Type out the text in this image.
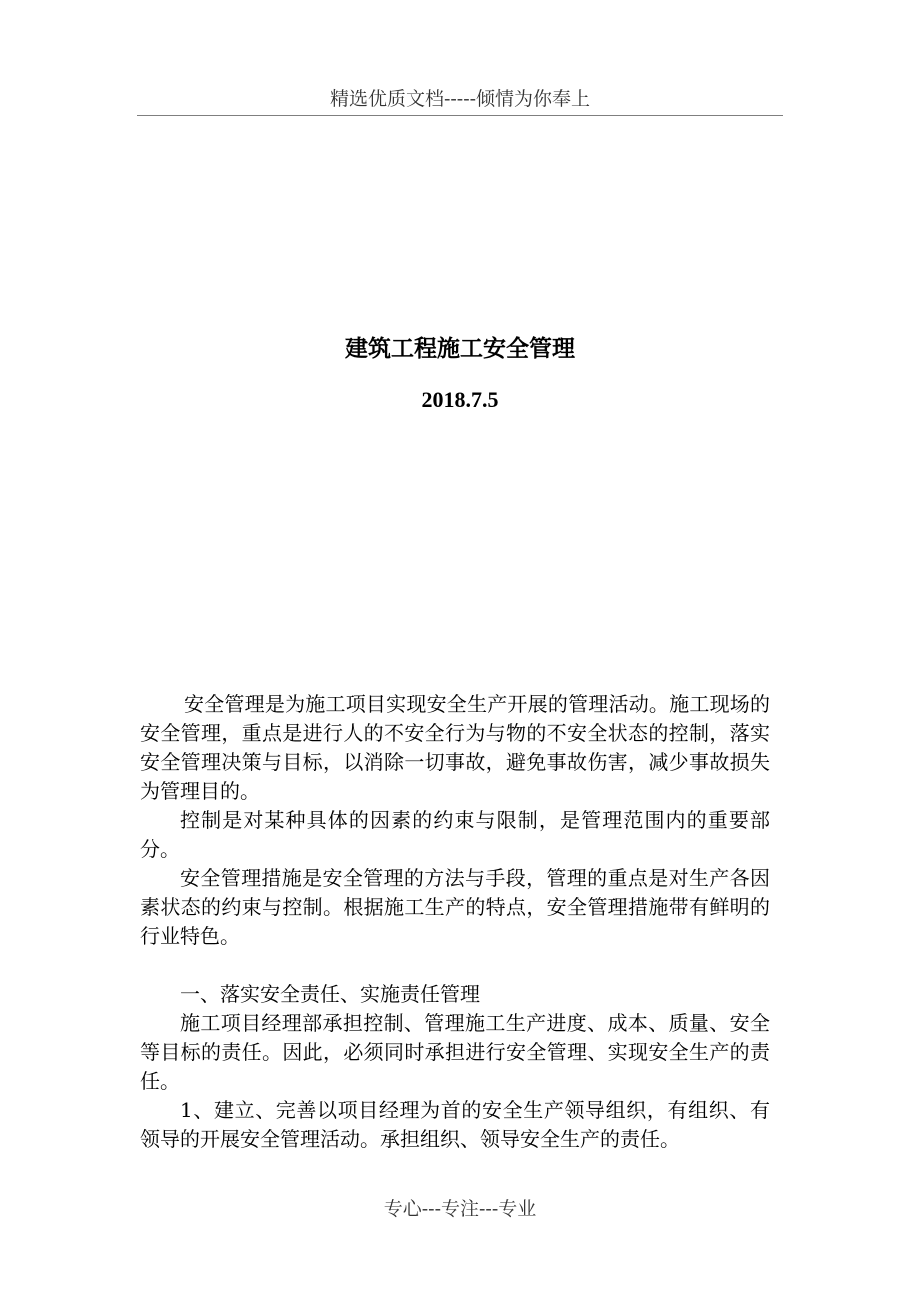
精选优质文档-----倾情为你奉上
建筑工程施工安全管理
2018.7.5

安全管理是为施工项目实现安全生产开展的管理活动。施工现场的安全管理，重点是进行人的不安全行为与物的不安全状态的控制，落实安全管理决策与目标，以消除一切事故，避免事故伤害，减少事故损失为管理目的。

控制是对某种具体的因素的约束与限制，是管理范围内的重要部分。

安全管理措施是安全管理的方法与手段，管理的重点是对生产各因素状态的约束与控制。根据施工生产的特点，安全管理措施带有鲜明的行业特色。

一、落实安全责任、实施责任管理

施工项目经理部承担控制、管理施工生产进度、成本、质量、安全等目标的责任。因此，必须同时承担进行安全管理、实现安全生产的责任。

1、建立、完善以项目经理为首的安全生产领导组织，有组织、有领导的开展安全管理活动。承担组织、领导安全生产的责任。

专心---专注---专业
